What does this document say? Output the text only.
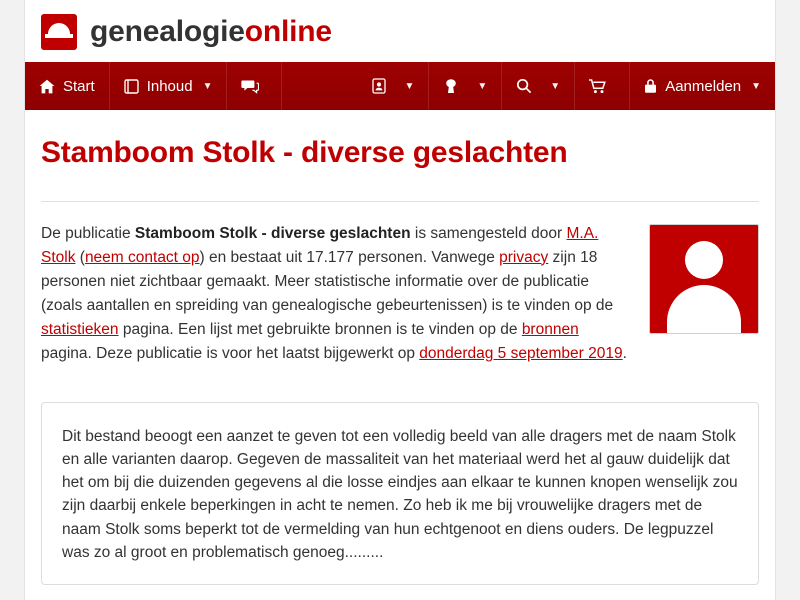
genealogieonline
Start	Inhoud ▼	▼	▼	▼	Aanmelden ▼
Stamboom Stolk - diverse geslachten
De publicatie Stamboom Stolk - diverse geslachten is samengesteld door M.A. Stolk (neem contact op) en bestaat uit 17.177 personen. Vanwege privacy zijn 18 personen niet zichtbaar gemaakt. Meer statistische informatie over de publicatie (zoals aantallen en spreiding van genealogische gebeurtenissen) is te vinden op de statistieken pagina. Een lijst met gebruikte bronnen is te vinden op de bronnen pagina. Deze publicatie is voor het laatst bijgewerkt op donderdag 5 september 2019.
Dit bestand beoogt een aanzet te geven tot een volledig beeld van alle dragers met de naam Stolk en alle varianten daarop. Gegeven de massaliteit van het materiaal werd het al gauw duidelijk dat het om bij die duizenden gegevens al die losse eindjes aan elkaar te kunnen knopen wenselijk zou zijn daarbij enkele beperkingen in acht te nemen. Zo heb ik me bij vrouwelijke dragers met de naam Stolk soms beperkt tot de vermelding van hun echtgenoot en diens ouders. De legpuzzel was zo al groot en problematisch genoeg.........
